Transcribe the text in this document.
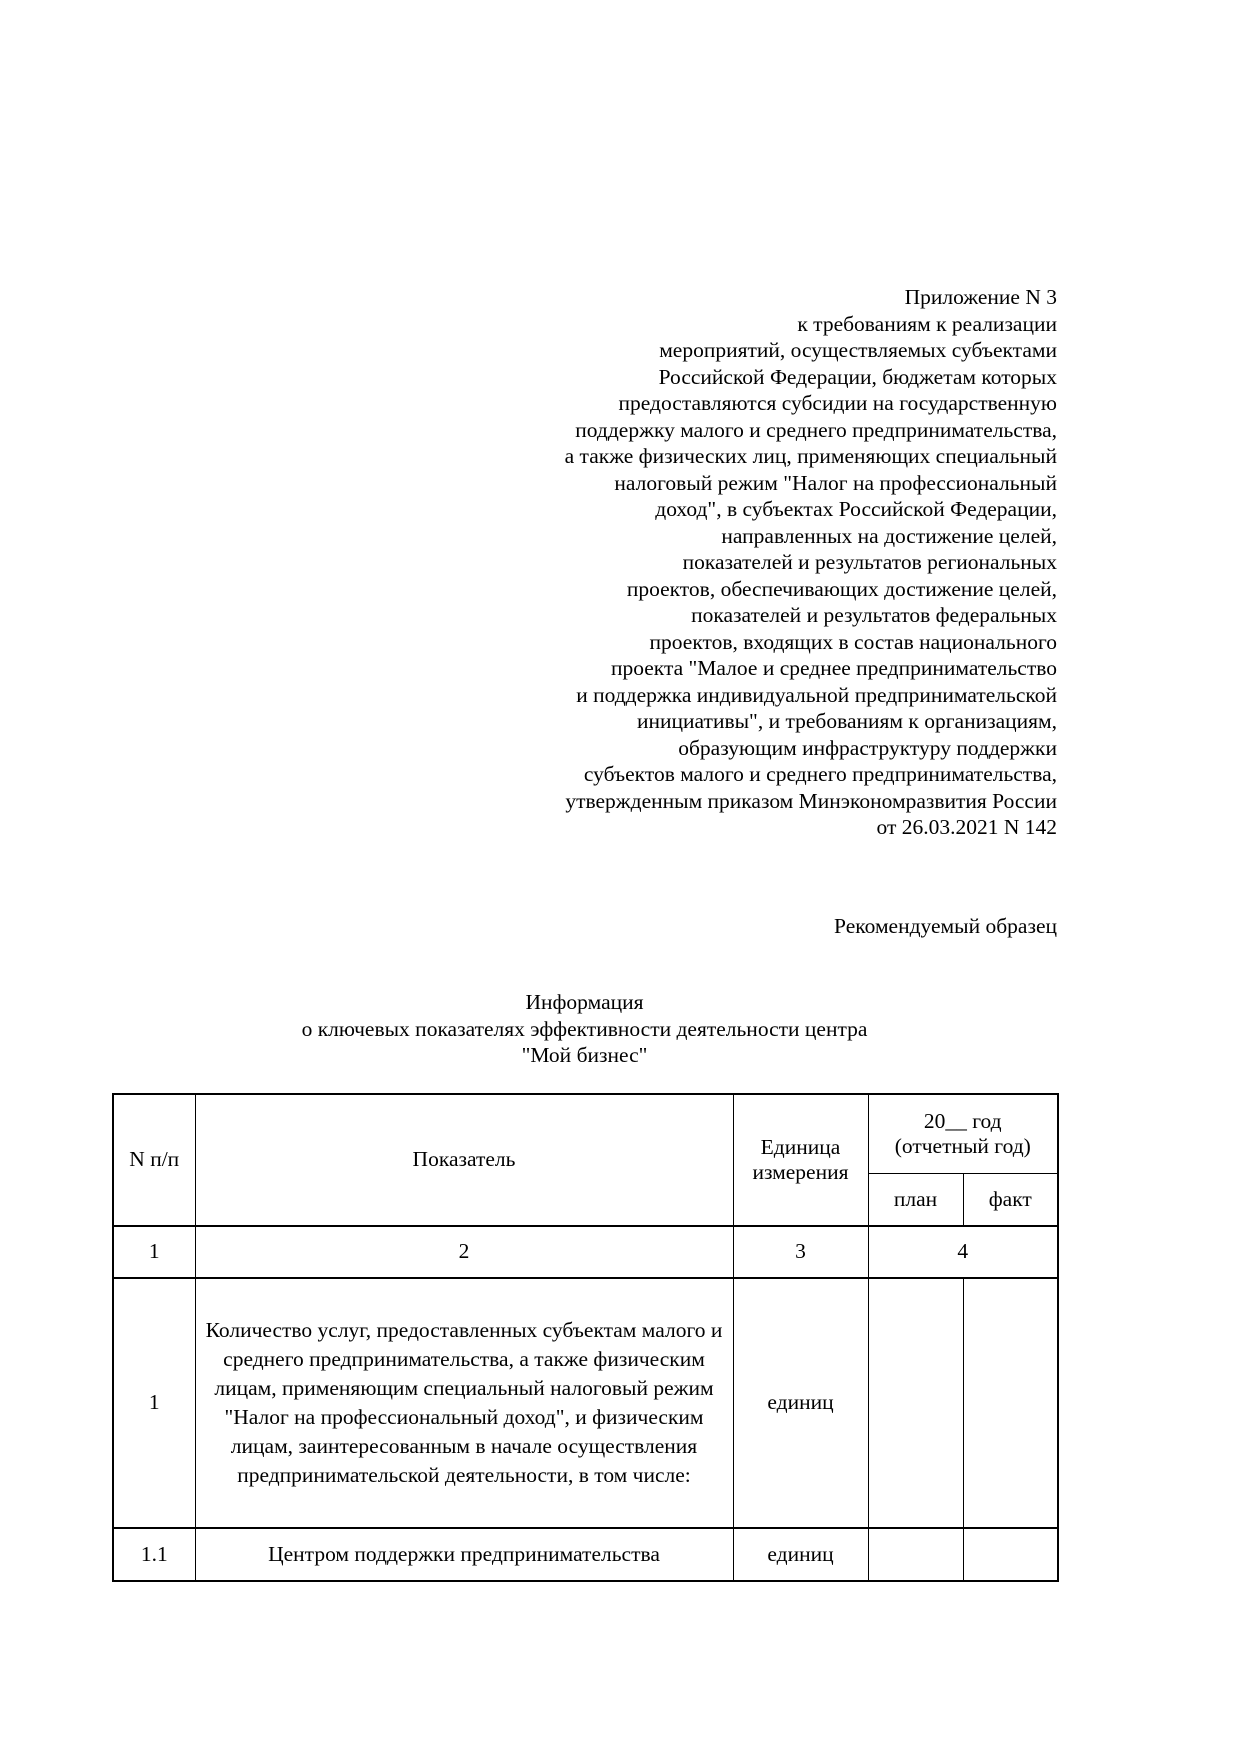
Приложение N 3
к требованиям к реализации
мероприятий, осуществляемых субъектами
Российской Федерации, бюджетам которых
предоставляются субсидии на государственную
поддержку малого и среднего предпринимательства,
а также физических лиц, применяющих специальный
налоговый режим "Налог на профессиональный
доход", в субъектах Российской Федерации,
направленных на достижение целей,
показателей и результатов региональных
проектов, обеспечивающих достижение целей,
показателей и результатов федеральных
проектов, входящих в состав национального
проекта "Малое и среднее предпринимательство
и поддержка индивидуальной предпринимательской
инициативы", и требованиям к организациям,
образующим инфраструктуру поддержки
субъектов малого и среднего предпринимательства,
утвержденным приказом Минэкономразвития России
от 26.03.2021 N 142
Рекомендуемый образец
Информация
о ключевых показателях эффективности деятельности центра
"Мой бизнес"
N п/п	Показатель	Единица измерения	20__ год (отчетный год)	
			план	факт
1	2	3	4	
1	Количество услуг, предоставленных субъектам малого и среднего предпринимательства, а также физическим лицам, применяющим специальный налоговый режим "Налог на профессиональный доход", и физическим лицам, заинтересованным в начале осуществления предпринимательской деятельности, в том числе:	единиц		
1.1	Центром поддержки предпринимательства	единиц		
